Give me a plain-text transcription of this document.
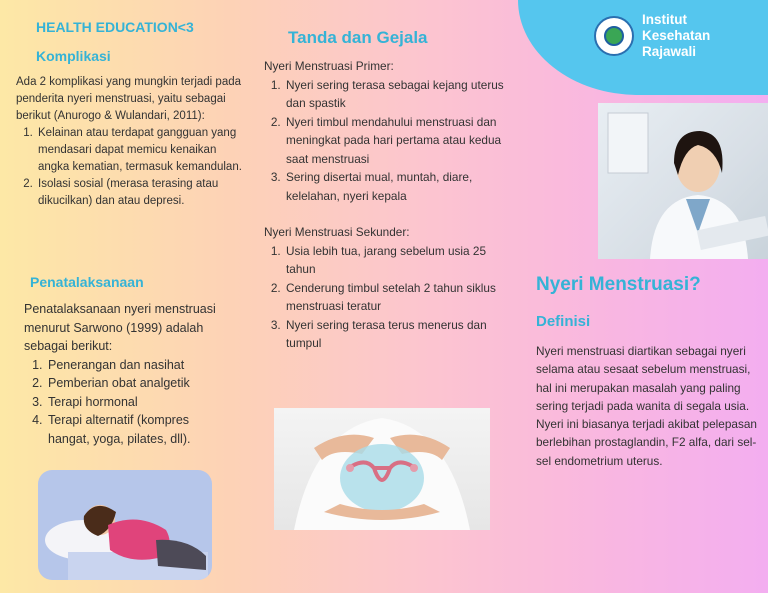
HEALTH EDUCATION<3
Komplikasi
Ada 2 komplikasi yang mungkin terjadi pada penderita nyeri menstruasi, yaitu sebagai berikut (Anurogo & Wulandari, 2011):
1. Kelainan atau terdapat gangguan yang mendasari dapat memicu kenaikan angka kematian, termasuk kemandulan.
2. Isolasi sosial (merasa terasing atau dikucilkan) dan atau depresi.
Penatalaksanaan
Penatalaksanaan nyeri menstruasi menurut Sarwono (1999) adalah sebagai berikut:
1. Penerangan dan nasihat
2. Pemberian obat analgetik
3. Terapi hormonal
4. Terapi alternatif (kompres hangat, yoga, pilates, dll).
Tanda dan Gejala
Nyeri Menstruasi Primer:
1. Nyeri sering terasa sebagai kejang uterus dan spastik
2. Nyeri timbul mendahului menstruasi dan meningkat pada hari pertama atau kedua saat menstruasi
3. Sering disertai mual, muntah, diare, kelelahan, nyeri kepala
Nyeri Menstruasi Sekunder:
1. Usia lebih tua, jarang sebelum usia 25 tahun
2. Cenderung timbul setelah 2 tahun siklus menstruasi teratur
3. Nyeri sering terasa terus menerus dan tumpul
Institut
Kesehatan
Rajawali
Nyeri Menstruasi?
Definisi
Nyeri menstruasi diartikan sebagai nyeri selama atau sesaat sebelum menstruasi, hal ini merupakan masalah yang paling sering terjadi pada wanita di segala usia.
Nyeri ini biasanya terjadi akibat pelepasan berlebihan prostaglandin, F2 alfa, dari sel- sel endometrium uterus.
